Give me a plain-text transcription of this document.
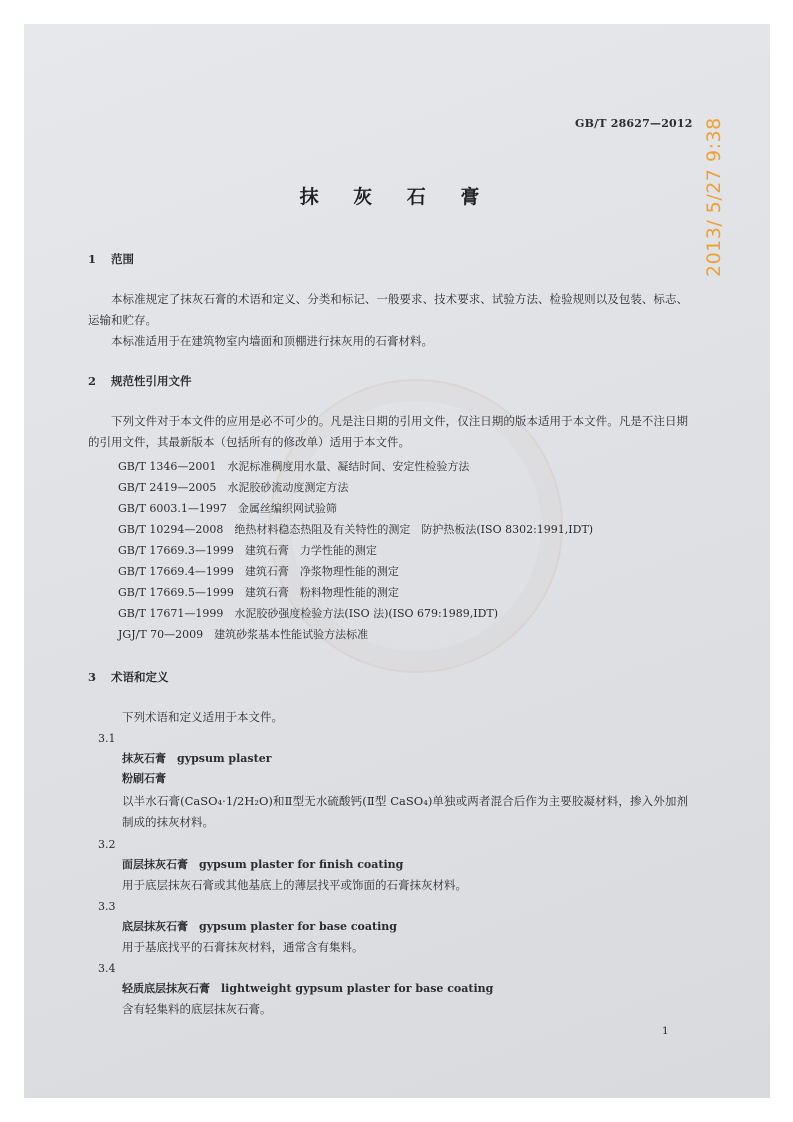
2013/ 5/27 9:38
GB/T 28627—2012
抹 灰 石 膏
1 范围
本标准规定了抹灰石膏的术语和定义、分类和标记、一般要求、技术要求、试验方法、检验规则以及包装、标志、运输和贮存。
本标准适用于在建筑物室内墙面和顶棚进行抹灰用的石膏材料。
2 规范性引用文件
下列文件对于本文件的应用是必不可少的。凡是注日期的引用文件，仅注日期的版本适用于本文件。凡是不注日期的引用文件，其最新版本（包括所有的修改单）适用于本文件。
GB/T 1346—2001　水泥标准稠度用水量、凝结时间、安定性检验方法
GB/T 2419—2005　水泥胶砂流动度测定方法
GB/T 6003.1—1997　金属丝编织网试验筛
GB/T 10294—2008　绝热材料稳态热阻及有关特性的测定　防护热板法(ISO 8302:1991,IDT)
GB/T 17669.3—1999　建筑石膏　力学性能的测定
GB/T 17669.4—1999　建筑石膏　净浆物理性能的测定
GB/T 17669.5—1999　建筑石膏　粉料物理性能的测定
GB/T 17671—1999　水泥胶砂强度检验方法(ISO 法)(ISO 679:1989,IDT)
JGJ/T 70—2009　建筑砂浆基本性能试验方法标准
3 术语和定义
下列术语和定义适用于本文件。
3.1
抹灰石膏　gypsum plaster
粉刷石膏
以半水石膏(CaSO₄·1/2H₂O)和Ⅱ型无水硫酸钙(Ⅱ型 CaSO₄)单独或两者混合后作为主要胶凝材料，掺入外加剂制成的抹灰材料。
3.2
面层抹灰石膏　gypsum plaster for finish coating
用于底层抹灰石膏或其他基底上的薄层找平或饰面的石膏抹灰材料。
3.3
底层抹灰石膏　gypsum plaster for base coating
用于基底找平的石膏抹灰材料，通常含有集料。
3.4
轻质底层抹灰石膏　lightweight gypsum plaster for base coating
含有轻集料的底层抹灰石膏。
1
